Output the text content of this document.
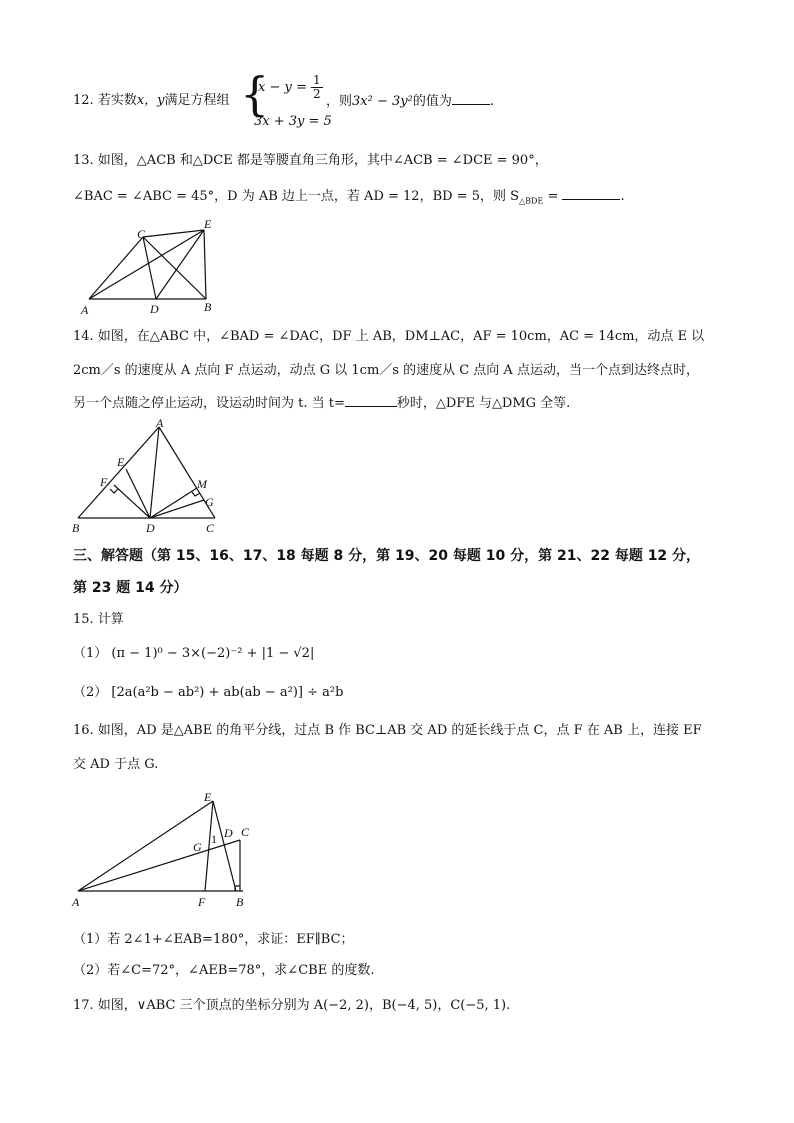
12. 若实数x，y满足方程组 {
$x - y = \frac{1}{2}$
3x + 3y = 5
，则3x² − 3y²的值为	.
13. 如图，△ACB 和△DCE 都是等腰直角三角形，其中∠ACB = ∠DCE = 90°，
∠BAC = ∠ABC = 45°，D 为 AB 边上一点，若 AD = 12，BD = 5，则 $S_{\triangle BDE}$ =	.
C
E
A	D	B
14. 如图，在△ABC 中，∠BAD = ∠DAC，DF 上 AB，DM⊥AC，AF = 10cm，AC = 14cm，动点 E 以
2cm／s 的速度从 A 点向 F 点运动，动点 G 以 1cm／s 的速度从 C 点向 A 点运动，当一个点到达终点时，
另一个点随之停止运动，设运动时间为 t. 当 t=	秒时，△DFE 与△DMG 全等.
A
E
F	M
G
B	D	C
三、解答题（第 15、16、17、18 每题 8 分，第 19、20 每题 10 分，第 21、22 每题 12 分，
第 23 题 14 分）
15. 计算
（1） (π − 1)⁰ − 3×(−2)⁻² + |1 − √2|
（2） [2a(a²b − ab²) + ab(ab − a²)] ÷ a²b
16. 如图，AD 是△ABE 的角平分线，过点 B 作 BC⊥AB 交 AD 的延长线于点 C，点 F 在 AB 上，连接 EF
交 AD 于点 G.
E
D C
G
1
A	F	B
（1）若 2∠1+∠EAB=180°，求证：EF∥BC；
（2）若∠C=72°，∠AEB=78°，求∠CBE 的度数.
17. 如图，∨ABC 三个顶点的坐标分别为 A(−2, 2)，B(−4, 5)，C(−5, 1).
